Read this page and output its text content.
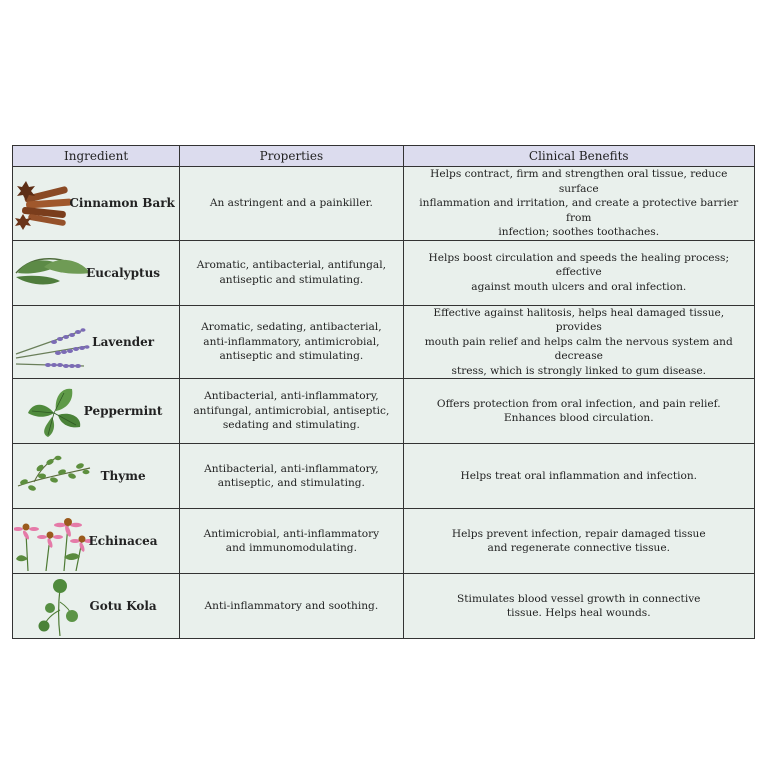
Ingredient	Properties	Clinical Benefits

Cinnamon Bark	An astringent and a painkiller.	Helps contract, firm and strengthen oral tissue, reduce surface
inflammation and irritation, and create a protective barrier from
infection; soothes toothaches.

Eucalyptus	Aromatic, antibacterial, antifungal,
antiseptic and stimulating.	Helps boost circulation and speeds the healing process; effective
against mouth ulcers and oral infection.

Lavender	Aromatic, sedating, antibacterial,
anti-inflammatory, antimicrobial,
antiseptic and stimulating.	Effective against halitosis, helps heal damaged tissue, provides
mouth pain relief and helps calm the nervous system and decrease
stress, which is strongly linked to gum disease.

Peppermint	Antibacterial, anti-inflammatory,
antifungal, antimicrobial, antiseptic,
sedating and stimulating.	Offers protection from oral infection, and pain relief.
Enhances blood circulation.

Thyme	Antibacterial, anti-inflammatory,
antiseptic, and stimulating.	Helps treat oral inflammation and infection.

Echinacea	Antimicrobial, anti-inflammatory
and immunomodulating.	Helps prevent infection, repair damaged tissue
and regenerate connective tissue.

Gotu Kola	Anti-inflammatory and soothing.	Stimulates blood vessel growth in connective
tissue. Helps heal wounds.
